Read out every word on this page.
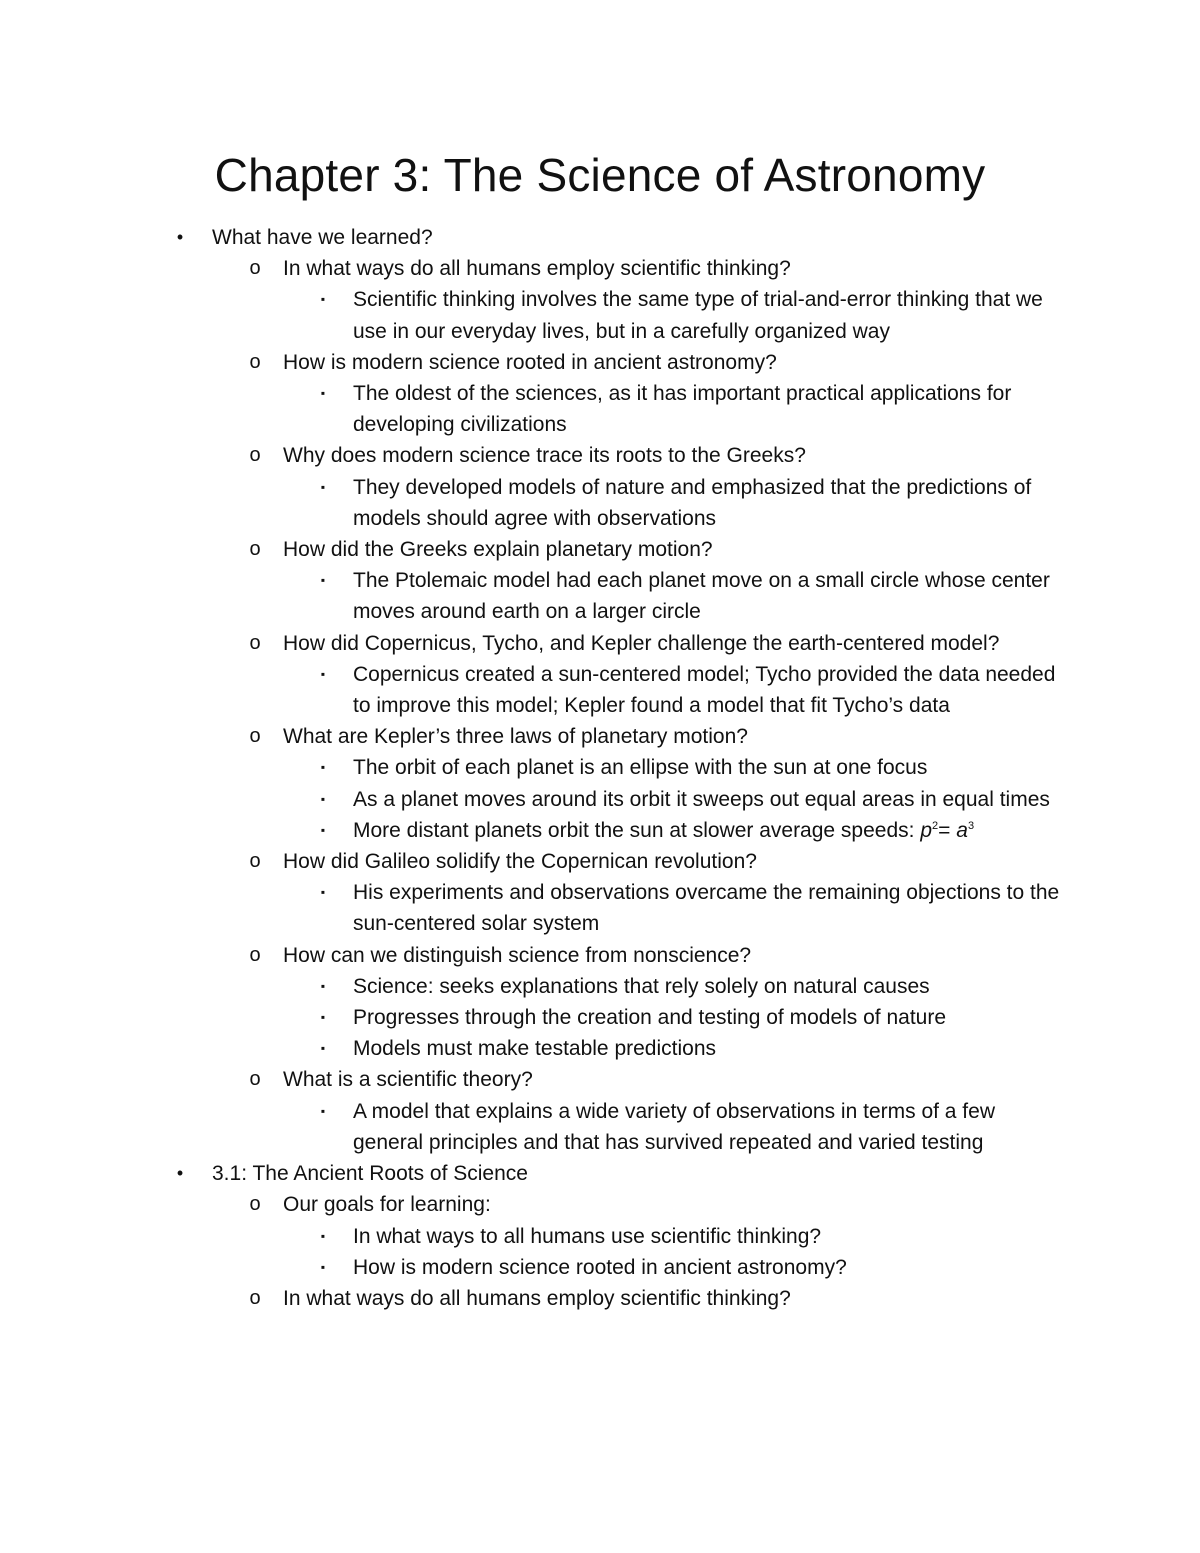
Chapter 3: The Science of Astronomy
•	What have we learned?
o In what ways do all humans employ scientific thinking?
▪ Scientific thinking involves the same type of trial-and-error thinking that we use in our everyday lives, but in a carefully organized way
o How is modern science rooted in ancient astronomy?
▪ The oldest of the sciences, as it has important practical applications for developing civilizations
o Why does modern science trace its roots to the Greeks?
▪ They developed models of nature and emphasized that the predictions of models should agree with observations
o How did the Greeks explain planetary motion?
▪ The Ptolemaic model had each planet move on a small circle whose center moves around earth on a larger circle
o How did Copernicus, Tycho, and Kepler challenge the earth-centered model?
▪ Copernicus created a sun-centered model; Tycho provided the data needed to improve this model; Kepler found a model that fit Tycho’s data
o What are Kepler’s three laws of planetary motion?
▪ The orbit of each planet is an ellipse with the sun at one focus
▪ As a planet moves around its orbit it sweeps out equal areas in equal times
▪ More distant planets orbit the sun at slower average speeds: $p^2= a^3$
o How did Galileo solidify the Copernican revolution?
▪ His experiments and observations overcame the remaining objections to the sun-centered solar system
o How can we distinguish science from nonscience?
▪ Science: seeks explanations that rely solely on natural causes
▪ Progresses through the creation and testing of models of nature
▪ Models must make testable predictions
o What is a scientific theory?
▪ A model that explains a wide variety of observations in terms of a few general principles and that has survived repeated and varied testing
•	3.1: The Ancient Roots of Science
o Our goals for learning:
▪ In what ways to all humans use scientific thinking?
▪ How is modern science rooted in ancient astronomy?
o In what ways do all humans employ scientific thinking?
